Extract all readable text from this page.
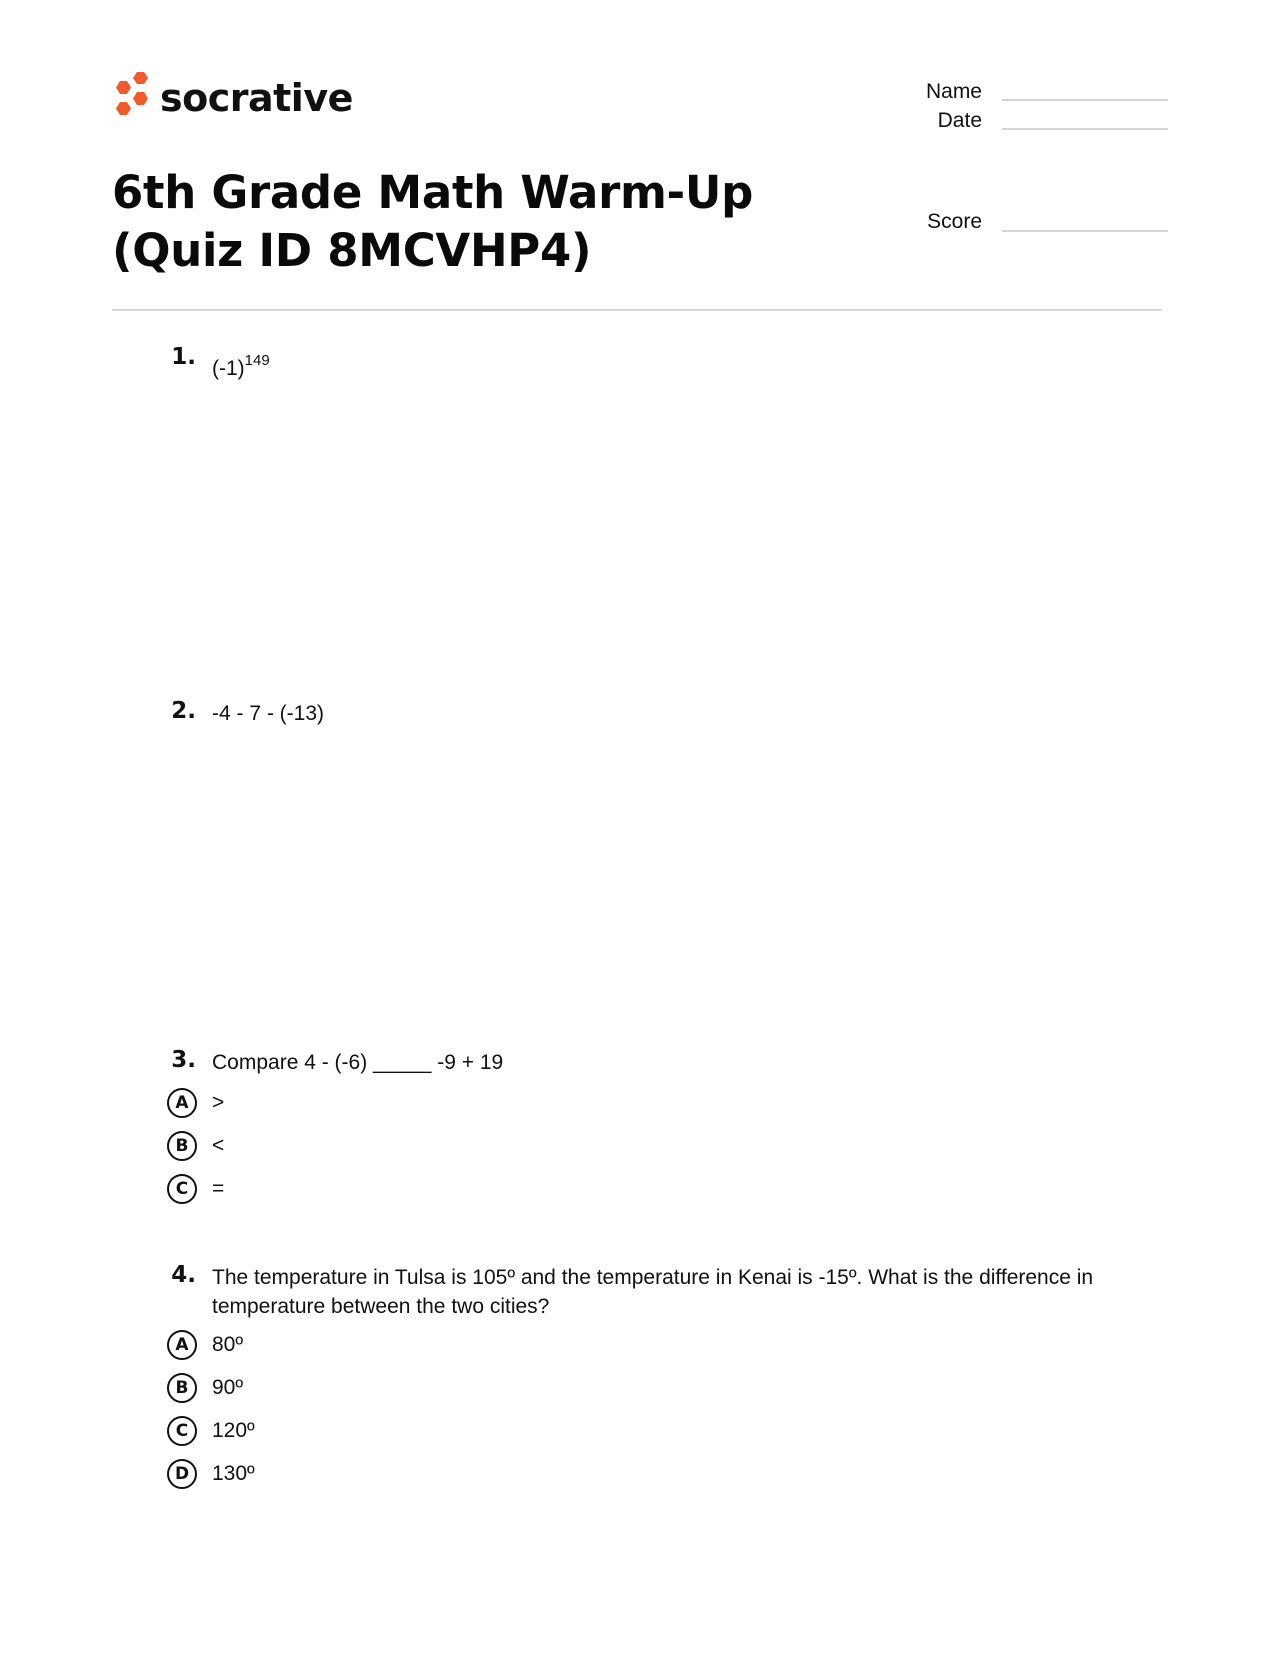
socrative	Name
Date
Score
6th Grade Math Warm-Up (Quiz ID 8MCVHP4)
1. $(-1)^{149}$
2. -4 - 7 - (-13)
3. Compare 4 - (-6) _____ -9 + 19
A	>
B	<
C	=
4. The temperature in Tulsa is 105º and the temperature in Kenai is -15º. What is the difference in
temperature between the two cities?
A	80º
B	90º
C	120º
D	130º
